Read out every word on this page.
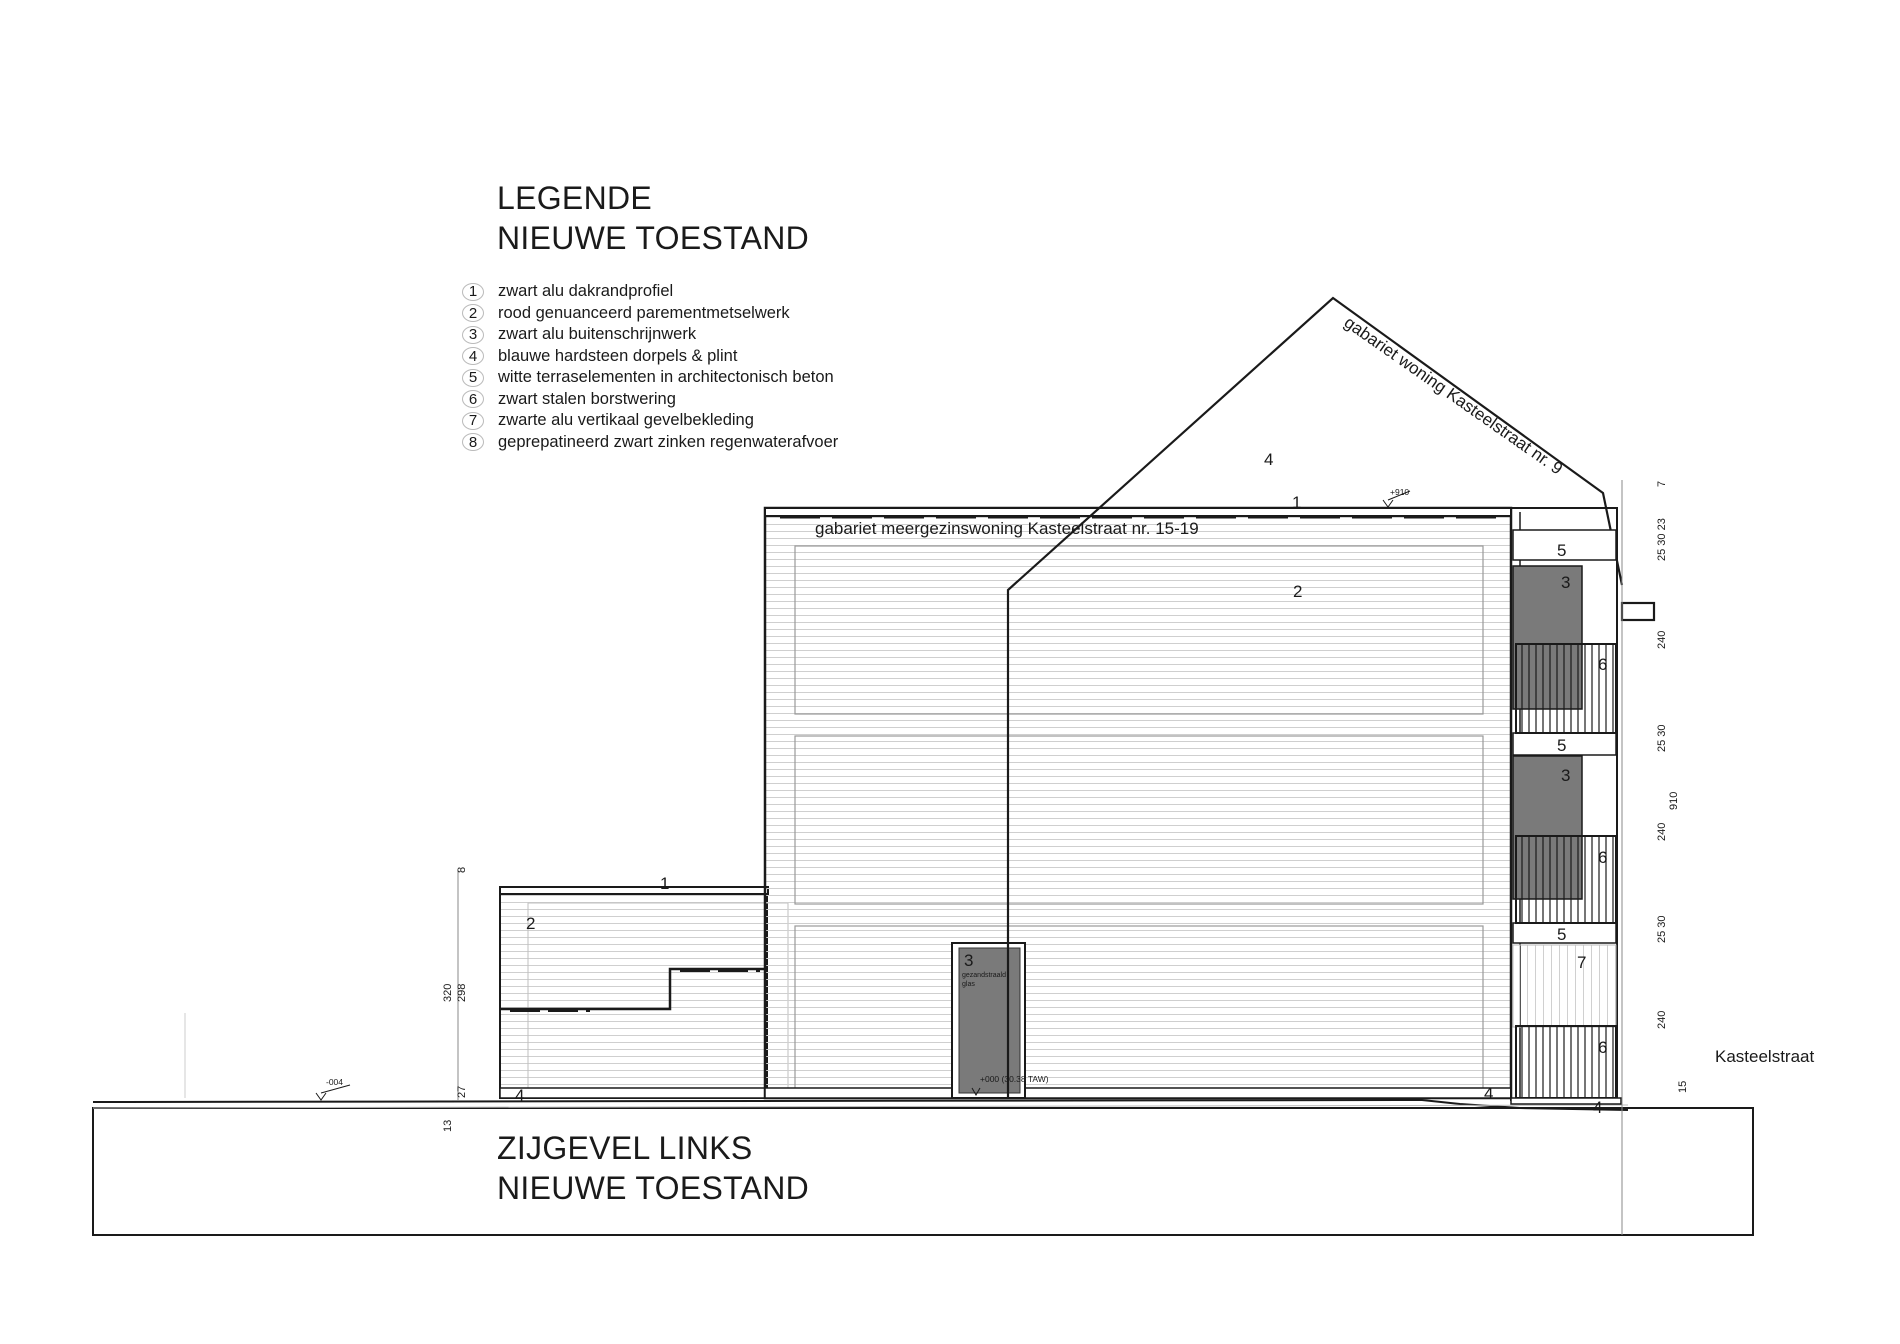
LEGENDE
NIEUWE TOESTAND
1	zwart alu dakrandprofiel
2	rood genuanceerd parementmetselwerk
3	zwart alu buitenschrijnwerk
4	blauwe hardsteen dorpels & plint
5	witte terraselementen in architectonisch beton
6	zwart stalen borstwering
7	zwarte alu vertikaal gevelbekleding
8	geprepatineerd zwart zinken regenwaterafvoer	gabariet woning Kasteelstraat nr. 9
gabariet meergezinswoning Kasteelstraat nr. 15-19
Kasteelstraat
gezandstraald
glas
+000 (30.38 TAW)
+910
-004
1
1
2
2
3
3
3
4
4	4
4
5
5
5
6
6
6
7
7
25 30 23
240
25 30
910
240
25 30
240
15
8
320 298
27
13
ZIJGEVEL LINKS
NIEUWE TOESTAND
